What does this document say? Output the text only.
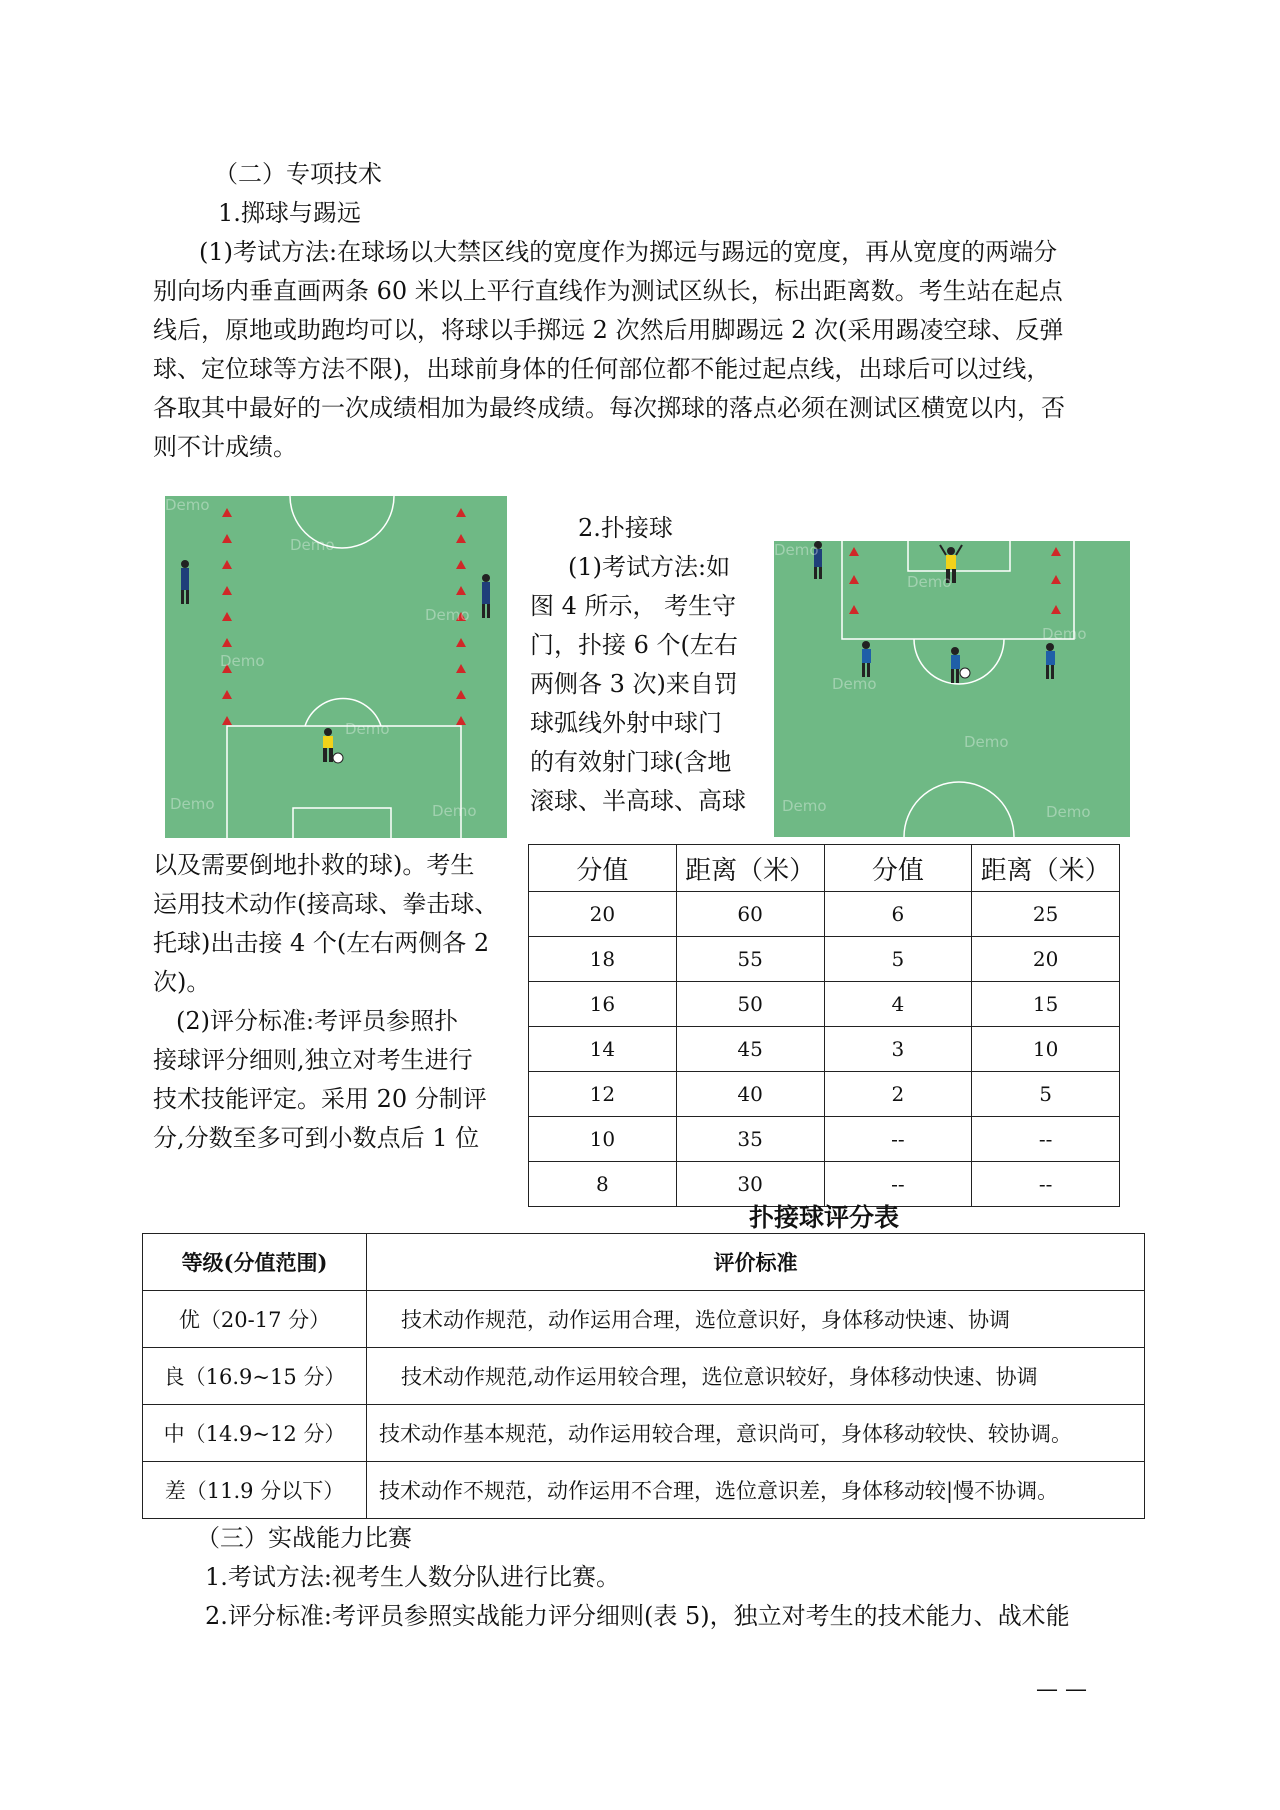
（二）专项技术
1.掷球与踢远
(1)考试方法:在球场以大禁区线的宽度作为掷远与踢远的宽度，再从宽度的两端分
别向场内垂直画两条 60 米以上平行直线作为测试区纵长，标出距离数。考生站在起点
线后，原地或助跑均可以，将球以手掷远 2 次然后用脚踢远 2 次(采用踢凌空球、反弹
球、定位球等方法不限)，出球前身体的任何部位都不能过起点线，出球后可以过线，
各取其中最好的一次成绩相加为最终成绩。每次掷球的落点必须在测试区横宽以内，否
则不计成绩。
Demo
Demo
Demo
Demo
Demo
Demo	Demo
2.扑接球
(1)考试方法:如
图 4 所示， 考生守
门，扑接 6 个(左右
两侧各 3 次)来自罚
球弧线外射中球门
的有效射门球(含地
滚球、半高球、高球
Demo
Demo
Demo
Demo
Demo
Demo	Demo
以及需要倒地扑救的球)。考生
运用技术动作(接高球、拳击球、
托球)出击接 4 个(左右两侧各 2
次)。
(2)评分标准:考评员参照扑
接球评分细则,独立对考生进行
技术技能评定。采用 20 分制评
分,分数至多可到小数点后 1 位
分值	距离（米）	分值	距离（米）
20	60	6	25
18	55	5	20
16	50	4	15
14	45	3	10
12	40	2	5
10	35	--	--
8	30	--	--
扑接球评分表
等级(分值范围)	评价标准
优（20-17 分）	技术动作规范，动作运用合理，选位意识好，身体移动快速、协调
良（16.9~15 分）	技术动作规范,动作运用较合理，选位意识较好，身体移动快速、协调
中（14.9~12 分）	技术动作基本规范，动作运用较合理，意识尚可，身体移动较快、较协调。
差（11.9 分以下）	技术动作不规范，动作运用不合理，选位意识差，身体移动较|慢不协调。
（三）实战能力比赛
1.考试方法:视考生人数分队进行比赛。
2.评分标准:考评员参照实战能力评分细则(表 5)，独立对考生的技术能力、战术能
— —
